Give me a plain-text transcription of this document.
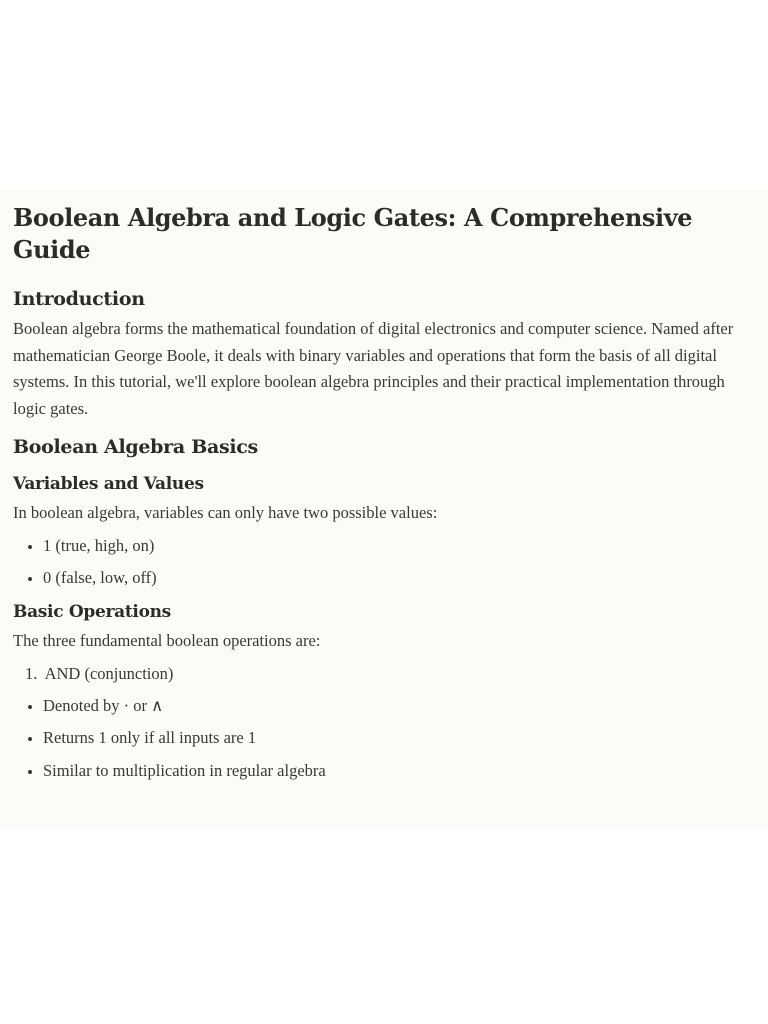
Boolean Algebra and Logic Gates: A Comprehensive Guide
Introduction

Boolean algebra forms the mathematical foundation of digital electronics and computer science. Named after mathematician George Boole, it deals with binary variables and operations that form the basis of all digital systems. In this tutorial, we'll explore boolean algebra principles and their practical implementation through logic gates.

Boolean Algebra Basics
Variables and Values

In boolean algebra, variables can only have two possible values:

1 (true, high, on)
0 (false, low, off)
Basic Operations

The three fundamental boolean operations are:

1. AND (conjunction)
Denoted by · or ∧
Returns 1 only if all inputs are 1
Similar to multiplication in regular algebra
